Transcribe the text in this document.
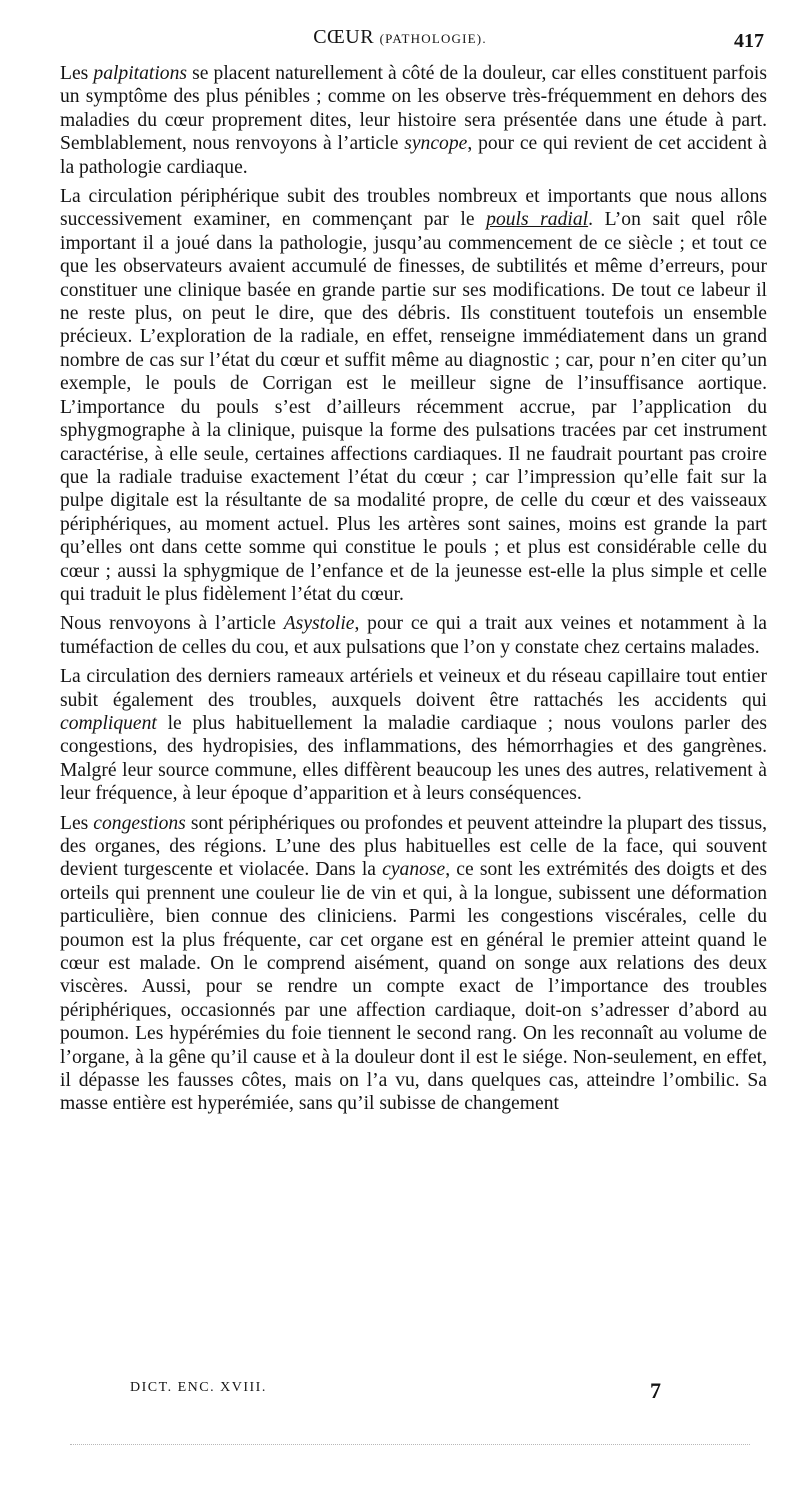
CŒUR (PATHOLOGIE).	417

Les palpitations se placent naturellement à côté de la douleur, car elles constituent parfois un symptôme des plus pénibles ; comme on les observe très-fréquemment en dehors des maladies du cœur proprement dites, leur histoire sera présentée dans une étude à part. Semblablement, nous renvoyons à l’article syncope, pour ce qui revient de cet accident à la pathologie cardiaque.

La circulation périphérique subit des troubles nombreux et importants que nous allons successivement examiner, en commençant par le pouls radial. L’on sait quel rôle important il a joué dans la pathologie, jusqu’au commencement de ce siècle ; et tout ce que les observateurs avaient accumulé de finesses, de subtilités et même d’erreurs, pour constituer une clinique basée en grande partie sur ses modifications. De tout ce labeur il ne reste plus, on peut le dire, que des débris. Ils constituent toutefois un ensemble précieux. L’exploration de la radiale, en effet, renseigne immédiatement dans un grand nombre de cas sur l’état du cœur et suffit même au diagnostic ; car, pour n’en citer qu’un exemple, le pouls de Corrigan est le meilleur signe de l’insuffisance aortique. L’importance du pouls s’est d’ailleurs récemment accrue, par l’application du sphygmographe à la clinique, puisque la forme des pulsations tracées par cet instrument caractérise, à elle seule, certaines affections cardiaques. Il ne faudrait pourtant pas croire que la radiale traduise exactement l’état du cœur ; car l’impression qu’elle fait sur la pulpe digitale est la résultante de sa modalité propre, de celle du cœur et des vaisseaux périphériques, au moment actuel. Plus les artères sont saines, moins est grande la part qu’elles ont dans cette somme qui constitue le pouls ; et plus est considérable celle du cœur ; aussi la sphygmique de l’enfance et de la jeunesse est-elle la plus simple et celle qui traduit le plus fidèlement l’état du cœur.

Nous renvoyons à l’article Asystolie, pour ce qui a trait aux veines et notamment à la tuméfaction de celles du cou, et aux pulsations que l’on y constate chez certains malades.

La circulation des derniers rameaux artériels et veineux et du réseau capillaire tout entier subit également des troubles, auxquels doivent être rattachés les accidents qui compliquent le plus habituellement la maladie cardiaque ; nous voulons parler des congestions, des hydropisies, des inflammations, des hémorrhagies et des gangrènes. Malgré leur source commune, elles diffèrent beaucoup les unes des autres, relativement à leur fréquence, à leur époque d’apparition et à leurs conséquences.

Les congestions sont périphériques ou profondes et peuvent atteindre la plupart des tissus, des organes, des régions. L’une des plus habituelles est celle de la face, qui souvent devient turgescente et violacée. Dans la cyanose, ce sont les extrémités des doigts et des orteils qui prennent une couleur lie de vin et qui, à la longue, subissent une déformation particulière, bien connue des cliniciens. Parmi les congestions viscérales, celle du poumon est la plus fréquente, car cet organe est en général le premier atteint quand le cœur est malade. On le comprend aisément, quand on songe aux relations des deux viscères. Aussi, pour se rendre un compte exact de l’importance des troubles périphériques, occasionnés par une affection cardiaque, doit-on s’adresser d’abord au poumon. Les hypérémies du foie tiennent le second rang. On les reconnaît au volume de l’organe, à la gêne qu’il cause et à la douleur dont il est le siége. Non-seulement, en effet, il dépasse les fausses côtes, mais on l’a vu, dans quelques cas, atteindre l’ombilic. Sa masse entière est hyperémiée, sans qu’il subisse de changement

DICT. ENC. XVIII.	7
